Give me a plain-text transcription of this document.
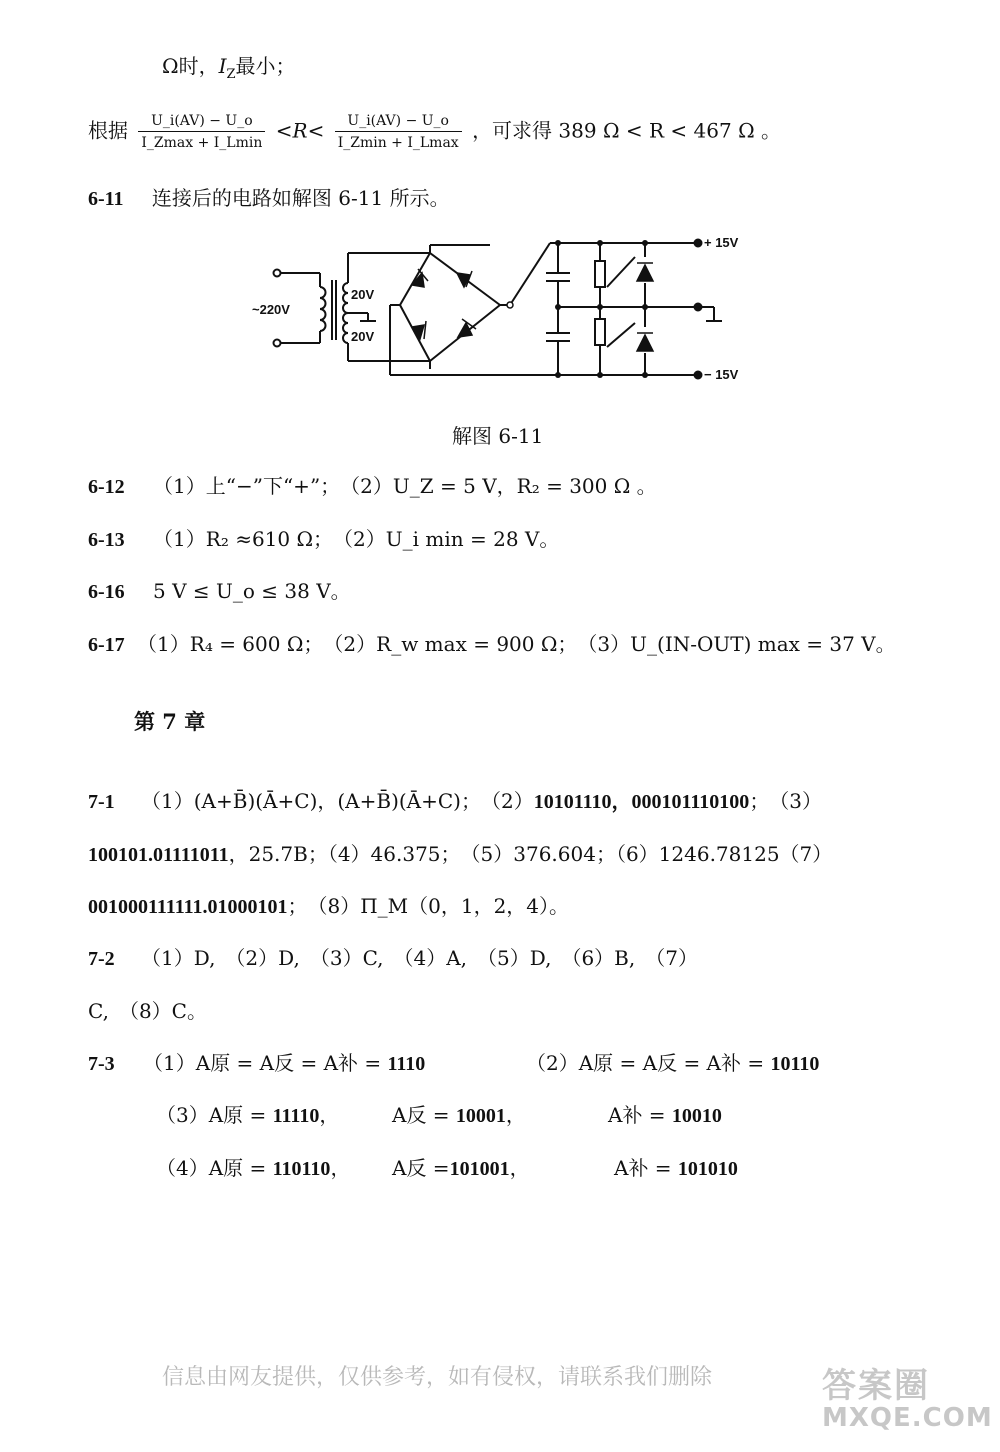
Ω时，$I_Z$最小；
根据 $\frac{U\_i(AV) - U\_o}{I\_Zmax + I\_Lmin} <R< \frac{U\_i(AV) - U\_o}{I\_Zmin + I\_Lmax}$ ，可求得 389 Ω < R < 467 Ω 。
6-11 连接后的电路如解图 6-11 所示。
~220V
20V
20V
+ 15V
− 15V
解图 6-11
6-12 （1）上“−”下“+”；　（2）U_Z = 5 V，R₂ = 300 Ω 。
6-13 （1）R₂ ≈610 Ω；　（2）U_i min = 28 V。
6-16 5 V ≤ U_o ≤ 38 V。
6-17 （1）R₄ = 600 Ω；　（2）R_w max = 900 Ω；　（3）U_(IN-OUT) max = 37 V。
第 7 章
7-1 （1）(A+B̄)(Ā+C)，(A+B̄)(Ā+C)；　（2）10101110，000101110100；　（3）
100101.01111011，25.7B；（4）46.375；　（5）376.604；（6）1246.78125（7）
001000111111.01000101；　（8）Π_M（0，1，2，4）。
7-2 （1）D,　（2）D,　（3）C,　（4）A,　（5）D,　（6）B,　（7）
C,　（8）C。
7-3 （1）A原 = A反 = A补 = 1110	（2）A原 = A反 = A补 = 10110
（3）A原 = 11110，	A反 = 10001，	A补 = 10010
（4）A原 = 110110， A反 =101001，	A补 = 101010
信息由网友提供，仅供参考，如有侵权，请联系我们删除	答案圈
MXQE.COM
